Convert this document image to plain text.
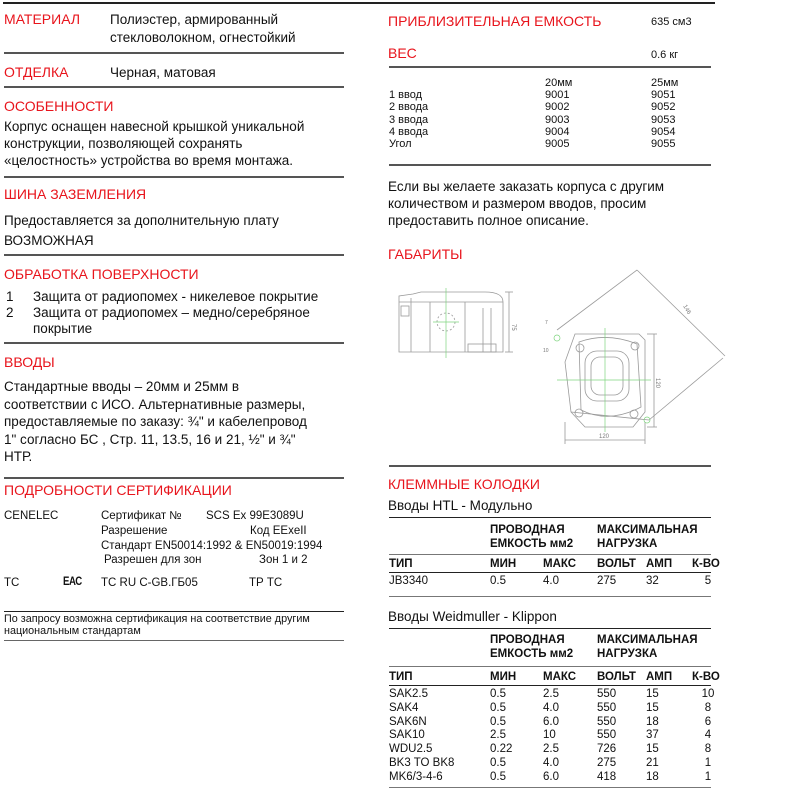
МАТЕРИАЛ Полиэстер, армированный
стекловолокном, огнестойкий
ОТДЕЛКА	Черная, матовая
ОСОБЕННОСТИ
Корпус оснащен навесной крышкой уникальной
конструкции, позволяющей сохранять
«целостность» устройства во время монтажа.
ШИНА ЗАЗЕМЛЕНИЯ
Предоставляется за дополнительную плату
ВОЗМОЖНАЯ
ОБРАБОТКА ПОВЕРХНОСТИ
1 Защита от радиопомех - никелевое покрытие
2 Защита от радиопомех – медно/серебряное
покрытие
ВВОДЫ
Стандартные вводы – 20мм и 25мм в
соответствии с ИСО. Альтернативные размеры,
предоставляемые по заказу: ¾" и кабелепровод
1" согласно БС , Стр. 11, 13.5, 16 и 21, ½" и ¾"
НТР.
ПОДРОБНОСТИ СЕРТИФИКАЦИИ
CENELEC	Сертификат № SCS Ex 99E3089U
Разрешение	Код EExeII
Стандарт EN50014:1992 & EN50019:1994
Разрешен для зон	Зон 1 и 2
ТС	ЕАС TC RU C-GB.ГБ05	ТР ТС
По запросу возможна сертификация на соответствие другим
национальным стандартам
ПРИБЛИЗИТЕЛЬНАЯ ЕМКОСТЬ	635 см3
ВЕС	0.6 кг
20мм	25мм
1 ввод	9001	9051
2 ввода	9002	9052
3 ввода	9003	9053
4 ввода	9004	9054
Угол	9005	9055
Если вы желаете заказать корпуса с другим
количеством и размером вводов, просим
предоставить полное описание.
ГАБАРИТЫ
75
120
120
146
7
10
КЛЕММНЫЕ КОЛОДКИ
Вводы HTL - Модульно
ПРОВОДНАЯ
ЕМКОСТЬ мм2
МАКСИМАЛЬНАЯ
НАГРУЗКА
ТИП	МИН МАКС ВОЛЬТ АМП К-ВО
JB3340	0.5	4.0	275	32	5
Вводы Weidmuller - Klippon
ПРОВОДНАЯ
ЕМКОСТЬ мм2
МАКСИМАЛЬНАЯ
НАГРУЗКА
ТИП	МИН МАКС ВОЛЬТ АМП К-ВО
SAK2.5	0.5	2.5	550	15	10
SAK4	0.5	4.0	550	15	8
SAK6N	0.5	6.0	550	18	6
SAK10	2.5	10	550	37	4
WDU2.5	0.22	2.5	726	15	8
BK3 TO BK8	0.5	4.0	275	21	1
MK6/3-4-6	0.5	6.0	418	18	1
